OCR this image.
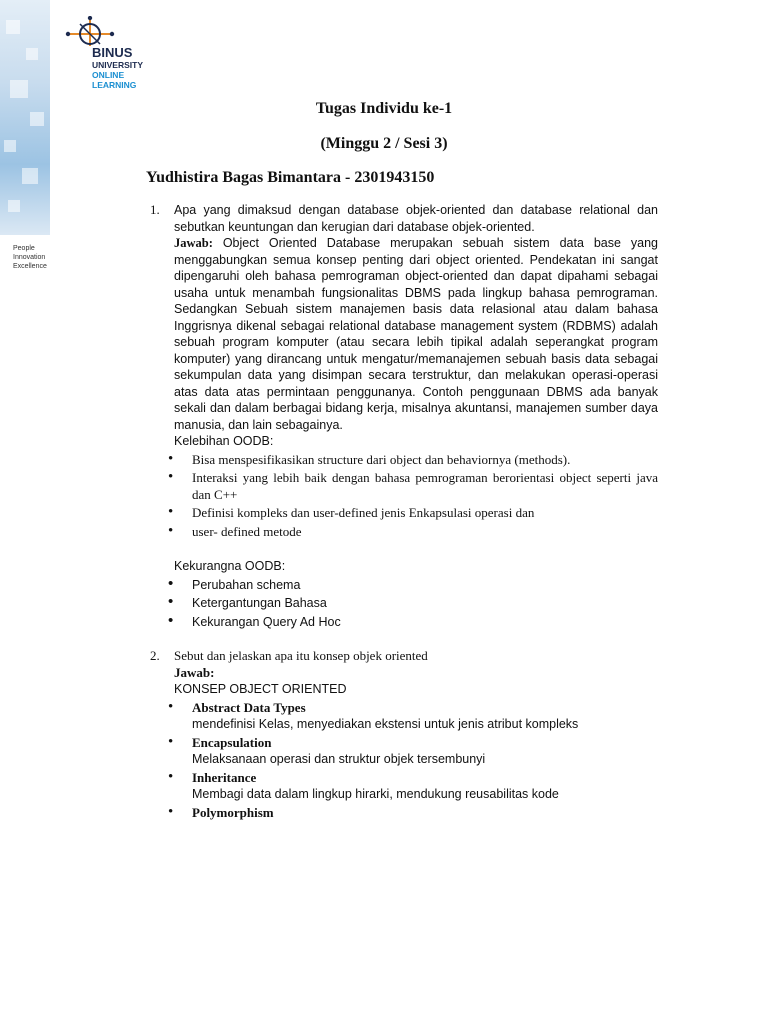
People
Innovation
Excellence
BINUS
UNIVERSITY
ONLINE
LEARNING
Tugas Individu ke-1
(Minggu 2 / Sesi 3)
Yudhistira Bagas Bimantara - 2301943150
1. Apa yang dimaksud dengan database objek-oriented dan database relational dan sebutkan keuntungan dan kerugian dari database objek-oriented.
Jawab: Object Oriented Database merupakan sebuah sistem data base yang menggabungkan semua konsep penting dari object oriented. Pendekatan ini sangat dipengaruhi oleh bahasa pemrograman object-oriented dan dapat dipahami sebagai usaha untuk menambah fungsionalitas DBMS pada lingkup bahasa pemrograman. Sedangkan Sebuah sistem manajemen basis data relasional atau dalam bahasa Inggrisnya dikenal sebagai relational database management system (RDBMS) adalah sebuah program komputer (atau secara lebih tipikal adalah seperangkat program komputer) yang dirancang untuk mengatur/memanajemen sebuah basis data sebagai sekumpulan data yang disimpan secara terstruktur, dan melakukan operasi-operasi atas data atas permintaan penggunanya. Contoh penggunaan DBMS ada banyak sekali dan dalam berbagai bidang kerja, misalnya akuntansi, manajemen sumber daya manusia, dan lain sebagainya.
Kelebihan OODB:
• Bisa menspesifikasikan structure dari object dan behaviornya (methods).
• Interaksi yang lebih baik dengan bahasa pemrograman berorientasi object seperti java dan C++
• Definisi kompleks dan user-defined jenis Enkapsulasi operasi dan
• user- defined metode
Kekurangna OODB:
• Perubahan schema
• Ketergantungan Bahasa
• Kekurangan Query Ad Hoc
2. Sebut dan jelaskan apa itu konsep objek oriented
Jawab:
KONSEP OBJECT ORIENTED
• Abstract Data Types
mendefinisi Kelas, menyediakan ekstensi untuk jenis atribut kompleks
• Encapsulation
Melaksanaan operasi dan struktur objek tersembunyi
• Inheritance
Membagi data dalam lingkup hirarki, mendukung reusabilitas kode
• Polymorphism
